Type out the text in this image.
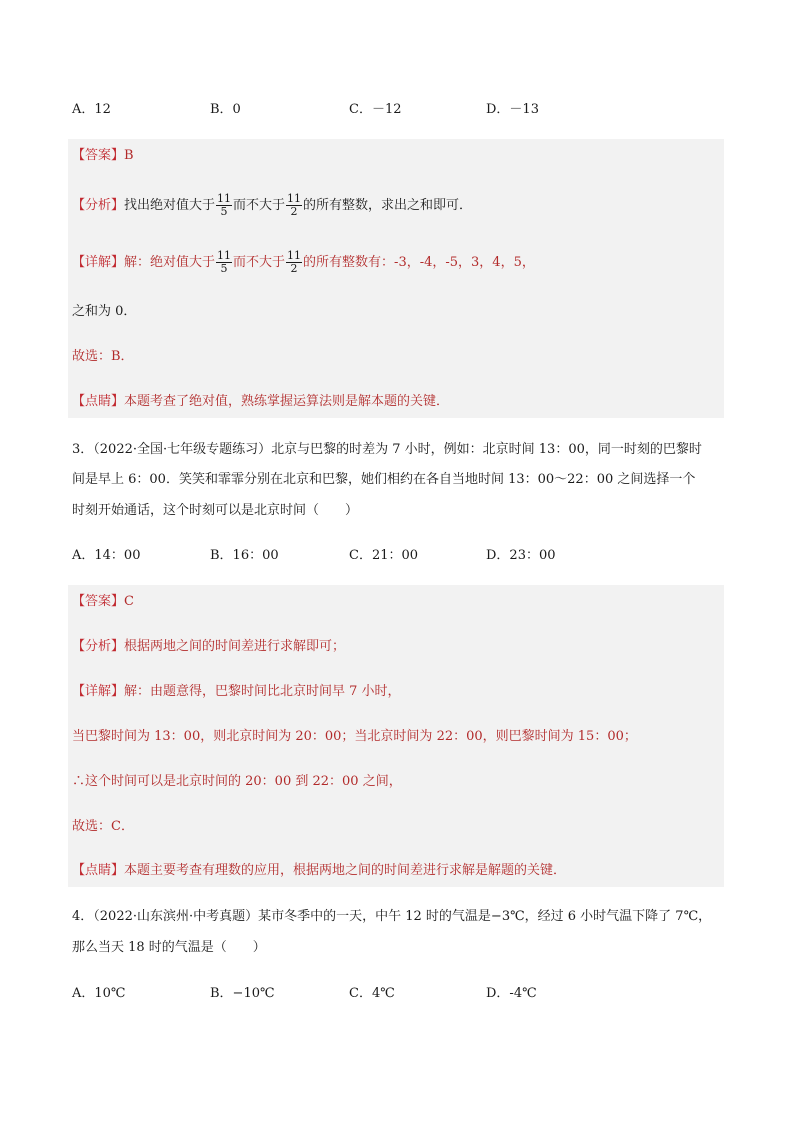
A．12	B．0	C．－12	D．－13
【答案】B
【分析】找出绝对值大于 $\frac{11}{5}$ 而不大于 $\frac{11}{2}$ 的所有整数，求出之和即可．
【详解】解：绝对值大于 $\frac{11}{5}$ 而不大于 $\frac{11}{2}$ 的所有整数有：-3，-4，-5，3，4，5，
之和为 0．
故选：B．
【点睛】本题考查了绝对值，熟练掌握运算法则是解本题的关键．
3．（2022·全国·七年级专题练习）北京与巴黎的时差为 7 小时，例如：北京时间 13：00，同一时刻的巴黎时
间是早上 6：00．笑笑和霏霏分别在北京和巴黎，她们相约在各自当地时间 13：00～22：00 之间选择一个
时刻开始通话，这个时刻可以是北京时间（　　）
A．14：00	B．16：00	C．21：00	D．23：00
【答案】C
【分析】根据两地之间的时间差进行求解即可；
【详解】解：由题意得，巴黎时间比北京时间早 7 小时，
当巴黎时间为 13：00，则北京时间为 20：00；当北京时间为 22：00，则巴黎时间为 15：00；
∴这个时间可以是北京时间的 20：00 到 22：00 之间，
故选：C．
【点睛】本题主要考查有理数的应用，根据两地之间的时间差进行求解是解题的关键．
4．（2022·山东滨州·中考真题）某市冬季中的一天，中午 12 时的气温是−3℃，经过 6 小时气温下降了 7℃，
那么当天 18 时的气温是（　　）
A．10℃	B．−10℃	C．4℃	D．-4℃
